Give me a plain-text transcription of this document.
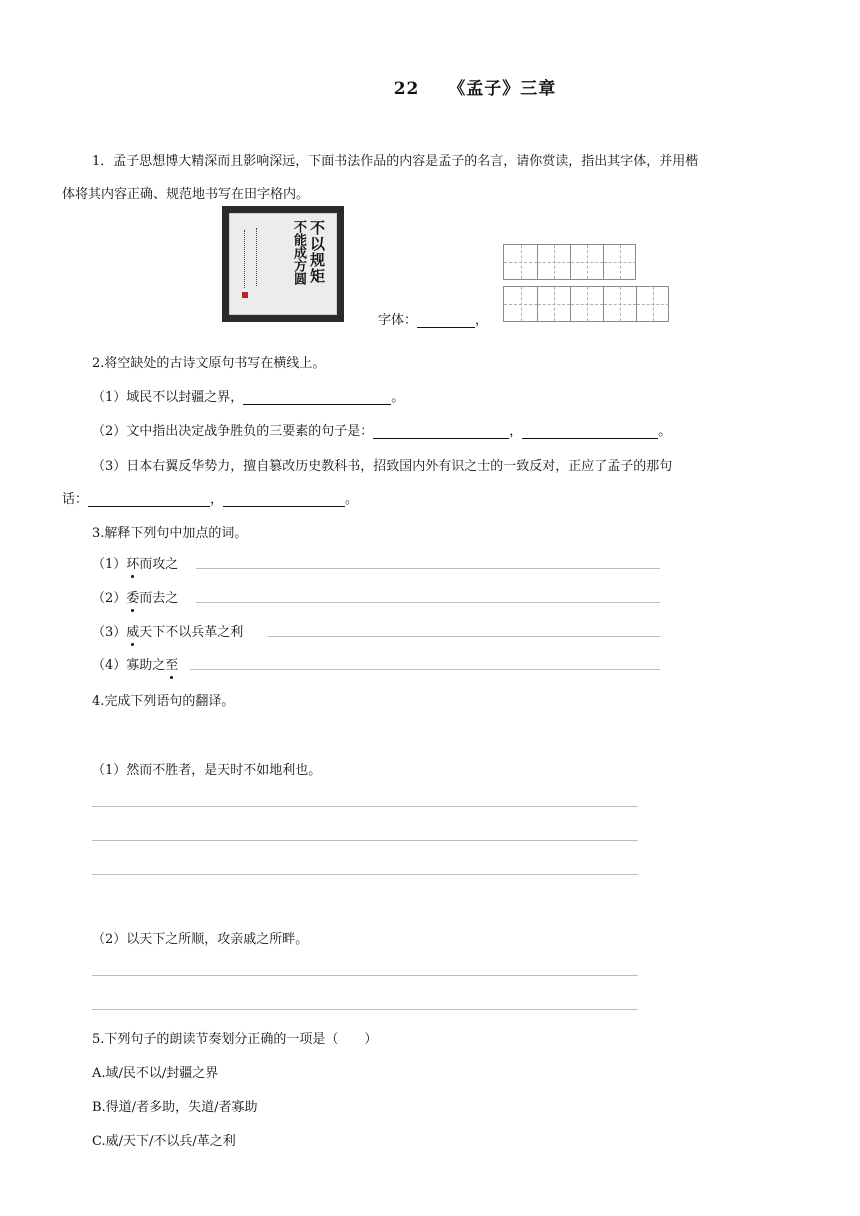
22 《孟子》三章
1．孟子思想博大精深而且影响深远，下面书法作品的内容是孟子的名言，请你赏读，指出其字体，并用楷
体将其内容正确、规范地书写在田字格内。
不以规矩
不能成方圆
字体：	，
2.将空缺处的古诗文原句书写在横线上。
（1）域民不以封疆之界，	。
（2）文中指出决定战争胜负的三要素的句子是：	，	。
（3）日本右翼反华势力，擅自篡改历史教科书，招致国内外有识之士的一致反对，正应了孟子的那句
话：	，	。
3.解释下列句中加点的词。
（1）环而攻之
（2）委而去之
（3）威天下不以兵革之利
（4）寡助之至
4.完成下列语句的翻译。
（1）然而不胜者，是天时不如地利也。
（2）以天下之所顺，攻亲戚之所畔。
5.下列句子的朗读节奏划分正确的一项是（　　）
A.域/民不以/封疆之界
B.得道/者多助，失道/者寡助
C.威/天下/不以兵/革之利
